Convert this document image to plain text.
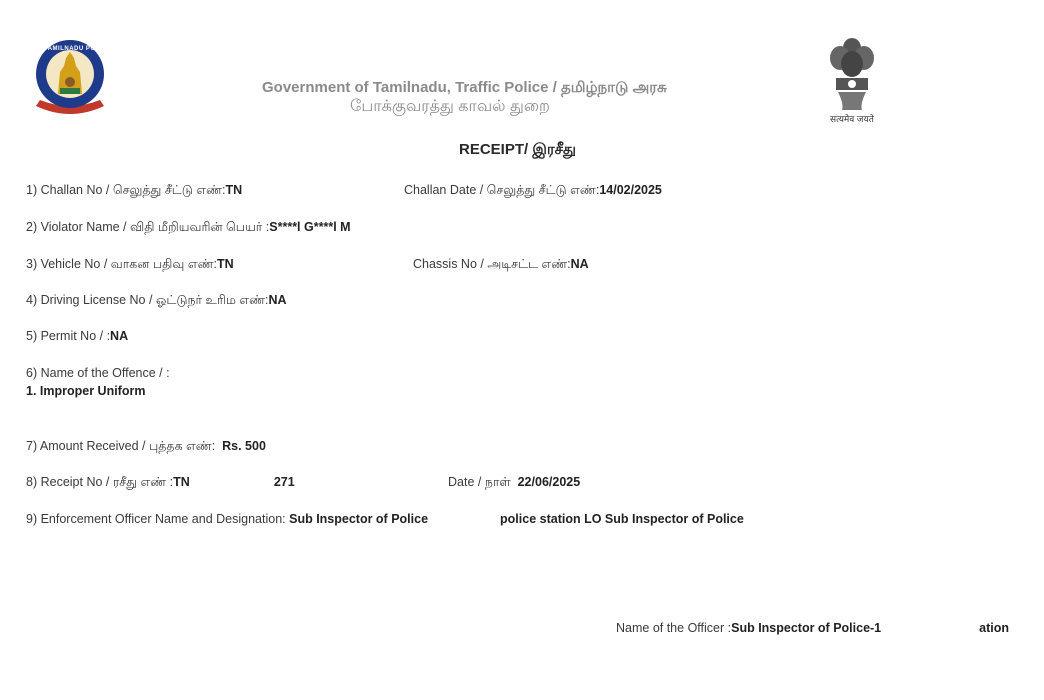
TAMILNADU POLICE
सत्यमेव जयते
Government of Tamilnadu, Traffic Police / தமிழ்நாடு அரசு
போக்குவரத்து காவல் துறை
RECEIPT/ இரசீது
1) Challan No / செலுத்து சீட்டு எண்:TN	Challan Date / செலுத்து சீட்டு எண்:14/02/2025
2) Violator Name / விதி மீறியவரின் பெயர் :S****l G****l M
3) Vehicle No / வாகன பதிவு எண்:TN	Chassis No / அடிசட்ட எண்:NA
4) Driving License No / ஓட்டுநர் உரிம எண்:NA
5) Permit No / :NA
6) Name of the Offence / :
1. Improper Uniform
7) Amount Received / புத்தக எண்: Rs. 500
8) Receipt No / ரசீது எண் :TN	271	Date / நாள் 22/06/2025
9) Enforcement Officer Name and Designation: Sub Inspector of Police	police station LO Sub Inspector of Police
Name of the Officer :Sub Inspector of Police-1	ation
